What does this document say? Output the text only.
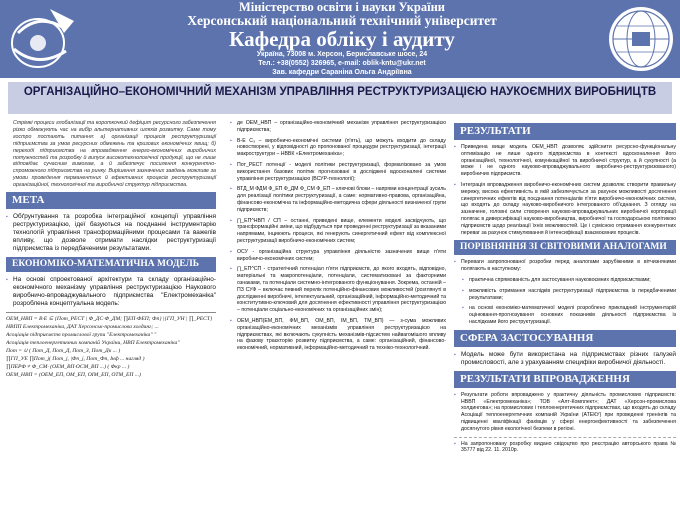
Міністерство освіти і науки України
Херсонський національний технічний університет
Кафедра обліку і аудиту
Україна, 73008 м. Херсон, Бериславське шосе, 24
Тел.: +38(0552) 326965, e-mail: oblik-kntu@ukr.net
Зав. кафедри Сараніна Ольга Андріївна
ОРГАНІЗАЦІЙНО–ЕКОНОМІЧНИЙ МЕХАНІЗМ УПРАВЛІННЯ РЕСТРУКТУРИЗАЦІЄЮ НАУКОЄМНИХ ВИРОБНИЦТВ

Стрімкі процеси глобалізації та короткочкий дефіцит ресурсного забезпечення різко обмежують час на вибір альтернативних шляхів розвитку. Саме тому гостро постають питання: а) організації процесів реструктуризації підприємства за умов ресурсних обмежень та кризових економічних явищ; б) переході підприємства на впровадження енерго-економічних виробничих потужностей та розробку й випуск високотехнологічної продукції, що не лише відповідає сучасним вимогам, а й забезпечує посилення конкурентно-спроможного підприємства на ринку. Вирішення зазначених завдань можливе за умови проведення перманентних й ефективних процесів реструктуризації організаційної, технологічної та виробничої структур підприємства.

МЕТА
▪ Обґрунтування та розробка інтеграційної концепції управління реструктуризацією, ідеї базуються на поєднанні інструментарію технологій управління трансформаційними процесами та важелів впливу, що дозволе отримати наслідки реструктуризації підприємства із передбаченими результатами.
ЕКОНОМІКО-МАТЕМАТИЧНА МОДЕЛЬ
▪ На основі спроектованої архітектури та складу організаційно-економічного механізму управління реструктуризацією Наукового виробничо-впроваджувального підприємства "Електромеханіка" розроблена концептуальна модель:
OEM_НВП = B·E ⊆ {Пот_РЕСТ | Ф_ДС·Ф_ДМ; ∏ЕП·ФЕП; Фп} |{ГП_УН | ∏_РЕСТ}
НВПП Електромеханіка, ДАТ Херсонськ-промислова холдинг; ...
Асоціація підприємств промислової групи "Електромеханіка" "
Асоціація теплоенергетичних компаній України, НВП Електромеханіка"
Пот = ∪ ( Пот_Д, Пот_Д, Пот_З, Пот_Дк ... )
∏ГП_УЕ ∏Пот_j( Пот_j, |Фп_j, Пот_Фп, Інф ... нагляд )
∏ПЕРФ ≠ Ф_СМ· (ОЕМ_ВП·ОСМ_ВП ...) ( Фкр ... )
OEM_НВП = (ОЕМ_ЕП, ОМ_ЕП, ОІМ_ЕП, ОТМ_ЕП ...)
▪ де ОЕМ_НВП – організаційно-економічний механізм управління реструктуризацією підприємства;
▪ В-Е С₃ – виробничо-економічні системи (п'ять), що можуть входити до складу новостворені, у відповідності до пропонованої процедури реструктуризації, інтеграції макроструктури – НВВК «Електромеханіка»;
▪ Пот_РЕСТ потенції - моделі політики реструктуризації, формалізовано за умов використання базових політик прогнозовані в досліджені вдосконалені системи управління реструктуризацією (ВСУР-технології);
▪ ВТД_М ФДМ Ф_ЕП Ф_ДМ Ф_СМ Ф_ЕП – ключові блоки – напрями концентрації зусиль для реалізації політики реструктуризації, а саме: нормативно-правова, організаційна, фінансово-економічна та інформаційно-методична сфери діяльності визначеної групи підприємств;
▪ ∏_ЕП^НВП / СП – останні, приведені вище, елементи моделі засвідчують, що трансформаційні зміни, що відбудуться при проведенні реструктуризації за вказаними напрямами, інциюють процеси, які генерують синергетичний ефект від комплексної реструктуризації виробничо-економічних систем;
▪ ОСУ - організаційна структура управління діяльністю зазначених вище п'яти виробничо-економічних систем;
▪ ∏_ЕП^СП - стратегічний потенціал п'яти підприємств, до якого входять, відповідно, матеріальні та макропотенціали, потенціали, систематизовані за факторними ознаками, та потенціали системно-інтегрованого функціонування. Зокрема, останній – ПЗ СУФ – включає певний перелік потенційно-фінансових можливостей (розглянуті в дослідженні виробничі, інтелектуальний, організаційний, інформаційно-методичний та конститутивно-ключовий для досягнення ефективності управління реструктуризацією – потенціали соціально-економічних та організаційних змін);
▪ ОЕМ_НВП(ЕМ_ВП, ФМ_ВП, ОМ_ВП, ІМ_ВП, ТМ_ВП) — з-сума можливих організаційно-економічних механізмів управління реструктуризацією на підприємствах, які включають сукупність механізмів-підсистем найвагомішого впливу на фазову траєкторію розвитку підприємства, а саме: організаційний, фінансово-економічний, нормативний, інформаційно-методичний та техніко-технологічний.
РЕЗУЛЬТАТИ
▪ Приведена вище модель ОЕМ_НВП дозволяє здійснити ресурсно-функціональну оптимізацію не лише одного підприємства в контексті вдосконалення його організаційної, технологічної, комунікаційної та виробничої структур, а й сукупності (а може і не одного науково-впроваджувального виробничо-реструктуризованого) виробничих підприємств.
▪ Інтеграція впровадження виробничо-економічних систем дозволяє створити правильну мережу, висока ефективність в якій забезпечується за рахунок можливості досягнення синергетичних ефектів від поєднання потенціалів п'яти виробничо-економічних систем, що входять до складу науково-виробничого інтегрованого об'єднання. З огляду на зазначене, головні сили створення науково-впроваджувальних виробничої корпорації полягає в диверсифікації науково-виробництва, виробничої та господарською політикою підприємств щодо реалізації їхніх можливостей. Це і сумісною отримання конкурентних переваг за рахунок стимулювання й інтенсифікації взаємоємних процесів.
ПОРІВНЯННЯ ЗІ СВІТОВИМИ АНАЛОГАМИ
▪ Переваги запропонованої розробки перед аналогами зарубіжними в вітчизняними полягають в наступному:
▪ практична спрямованість для застосування науковоємних підприємствами;
▪ можливість отримання наслідків реструктуризації підприємства із передбаченими результатами;
▪ на основі економіко-математичної моделі розроблено прикладний інструментарій оцінювання-прогнозування основних показників діяльності підприємства із наслідками його реструктуризації.
СФЕРА ЗАСТОСУВАННЯ
▪ Модель може бути використана на підприємствах різних галузей промисловості, але з урахуванням специфіки виробничої діяльності.
РЕЗУЛЬТАТИ ВПРОВАДЖЕННЯ
▪ Результати роботи впроваджено у практичну діяльність промислових підприємств: НВВП «Електромеханіка»; ТОВ «Алт-Комплект»; ДАТ «Херсон-промислова холдингова»; на промислових і теплоенергетичних підприємствах, що входять до складу Асоціації теплоенергетичних компаній України (АТЕКУ) при проведенні тренінгів та підвищенні кваліфікації фахівців у сфері енергоефективності та забезпечення досягнутого рівня екологічної безпеки в регіоні.
▪ На запропоновану розробку видано свідоцтво про реєстрацію авторського права № 35777 від 22. 11. 2010р.
